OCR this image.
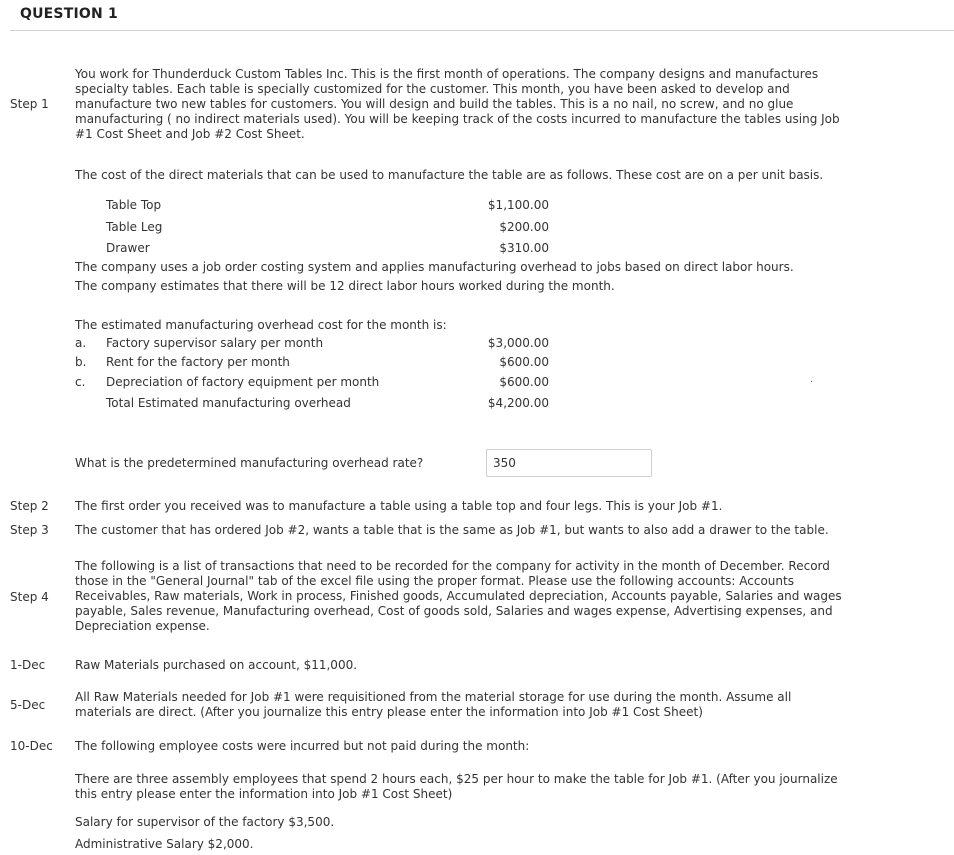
QUESTION 1
Step 1

You work for Thunderduck Custom Tables Inc. This is the first month of operations. The company designs and manufactures specialty tables. Each table is specially customized for the customer. This month, you have been asked to develop and manufacture two new tables for customers. You will design and build the tables. This is a no nail, no screw, and no glue manufacturing ( no indirect materials used). You will be keeping track of the costs incurred to manufacture the tables using Job #1 Cost Sheet and Job #2 Cost Sheet.

The cost of the direct materials that can be used to manufacture the table are as follows. These cost are on a per unit basis.

Table Top	$1,100.00
Table Leg	$200.00
Drawer	$310.00

The company uses a job order costing system and applies manufacturing overhead to jobs based on direct labor hours.

The company estimates that there will be 12 direct labor hours worked during the month.

The estimated manufacturing overhead cost for the month is:

a. Factory supervisor salary per month	$3,000.00
b. Rent for the factory per month	$600.00
c. Depreciation of factory equipment per month	$600.00
Total Estimated manufacturing overhead	$4,200.00
.

What is the predetermined manufacturing overhead rate?

350
Step 2 The first order you received was to manufacture a table using a table top and four legs. This is your Job #1.

Step 3 The customer that has ordered Job #2, wants a table that is the same as Job #1, but wants to also add a drawer to the table.

Step 4

The following is a list of transactions that need to be recorded for the company for activity in the month of December. Record those in the "General Journal" tab of the excel file using the proper format. Please use the following accounts: Accounts Receivables, Raw materials, Work in process, Finished goods, Accumulated depreciation, Accounts payable, Salaries and wages payable, Sales revenue, Manufacturing overhead, Cost of goods sold, Salaries and wages expense, Advertising expenses, and Depreciation expense.

1-Dec Raw Materials purchased on account, $11,000.

5-Dec

All Raw Materials needed for Job #1 were requisitioned from the material storage for use during the month. Assume all materials are direct. (After you journalize this entry please enter the information into Job #1 Cost Sheet)

10-Dec The following employee costs were incurred but not paid during the month:

There are three assembly employees that spend 2 hours each, $25 per hour to make the table for Job #1. (After you journalize this entry please enter the information into Job #1 Cost Sheet)

Salary for supervisor of the factory $3,500.

Administrative Salary $2,000.
